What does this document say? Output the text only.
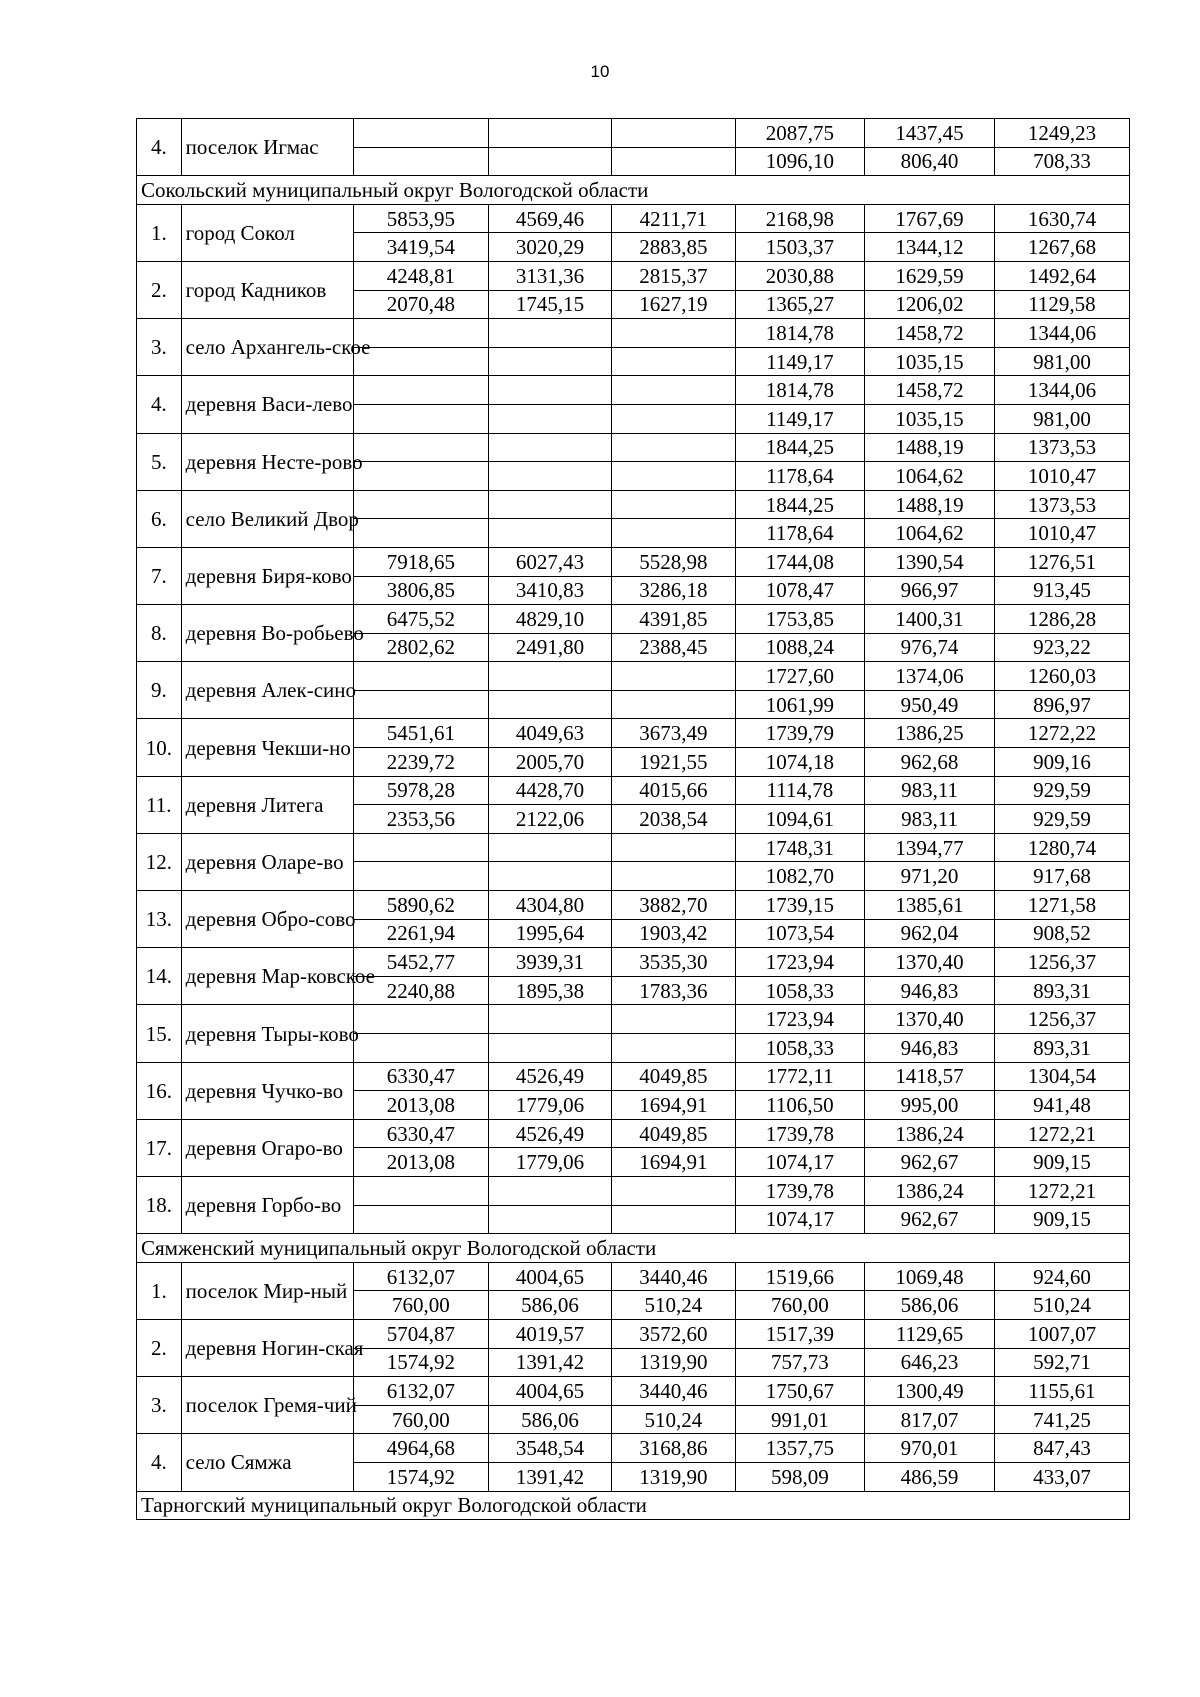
10
4.	поселок Игмас				2087,75	1437,45	1249,23
					1096,10	806,40	708,33
Сокольский муниципальный округ Вологодской области							
1.	город Сокол	5853,95	4569,46	4211,71	2168,98	1767,69	1630,74
		3419,54	3020,29	2883,85	1503,37	1344,12	1267,68
2.	город Кадников	4248,81	3131,36	2815,37	2030,88	1629,59	1492,64
		2070,48	1745,15	1627,19	1365,27	1206,02	1129,58
3.	село Архангель-ское				1814,78	1458,72	1344,06
					1149,17	1035,15	981,00
4.	деревня Васи-лево				1814,78	1458,72	1344,06
					1149,17	1035,15	981,00
5.	деревня Несте-рово				1844,25	1488,19	1373,53
					1178,64	1064,62	1010,47
6.	село Великий Двор				1844,25	1488,19	1373,53
					1178,64	1064,62	1010,47
7.	деревня Биря-ково	7918,65	6027,43	5528,98	1744,08	1390,54	1276,51
		3806,85	3410,83	3286,18	1078,47	966,97	913,45
8.	деревня Во-робьево	6475,52	4829,10	4391,85	1753,85	1400,31	1286,28
		2802,62	2491,80	2388,45	1088,24	976,74	923,22
9.	деревня Алек-сино				1727,60	1374,06	1260,03
					1061,99	950,49	896,97
10.	деревня Чекши-но	5451,61	4049,63	3673,49	1739,79	1386,25	1272,22
		2239,72	2005,70	1921,55	1074,18	962,68	909,16
11.	деревня Литега	5978,28	4428,70	4015,66	1114,78	983,11	929,59
		2353,56	2122,06	2038,54	1094,61	983,11	929,59
12.	деревня Оларе-во				1748,31	1394,77	1280,74
					1082,70	971,20	917,68
13.	деревня Обро-сово	5890,62	4304,80	3882,70	1739,15	1385,61	1271,58
		2261,94	1995,64	1903,42	1073,54	962,04	908,52
14.	деревня Мар-ковское	5452,77	3939,31	3535,30	1723,94	1370,40	1256,37
		2240,88	1895,38	1783,36	1058,33	946,83	893,31
15.	деревня Тыры-ково				1723,94	1370,40	1256,37
					1058,33	946,83	893,31
16.	деревня Чучко-во	6330,47	4526,49	4049,85	1772,11	1418,57	1304,54
		2013,08	1779,06	1694,91	1106,50	995,00	941,48
17.	деревня Огаро-во	6330,47	4526,49	4049,85	1739,78	1386,24	1272,21
		2013,08	1779,06	1694,91	1074,17	962,67	909,15
18.	деревня Горбо-во				1739,78	1386,24	1272,21
					1074,17	962,67	909,15
Сямженский муниципальный округ Вологодской области							
1.	поселок Мир-ный	6132,07	4004,65	3440,46	1519,66	1069,48	924,60
		760,00	586,06	510,24	760,00	586,06	510,24
2.	деревня Ногин-ская	5704,87	4019,57	3572,60	1517,39	1129,65	1007,07
		1574,92	1391,42	1319,90	757,73	646,23	592,71
3.	поселок Гремя-чий	6132,07	4004,65	3440,46	1750,67	1300,49	1155,61
		760,00	586,06	510,24	991,01	817,07	741,25
4.	село Сямжа	4964,68	3548,54	3168,86	1357,75	970,01	847,43
		1574,92	1391,42	1319,90	598,09	486,59	433,07
Тарногский муниципальный округ Вологодской области							
